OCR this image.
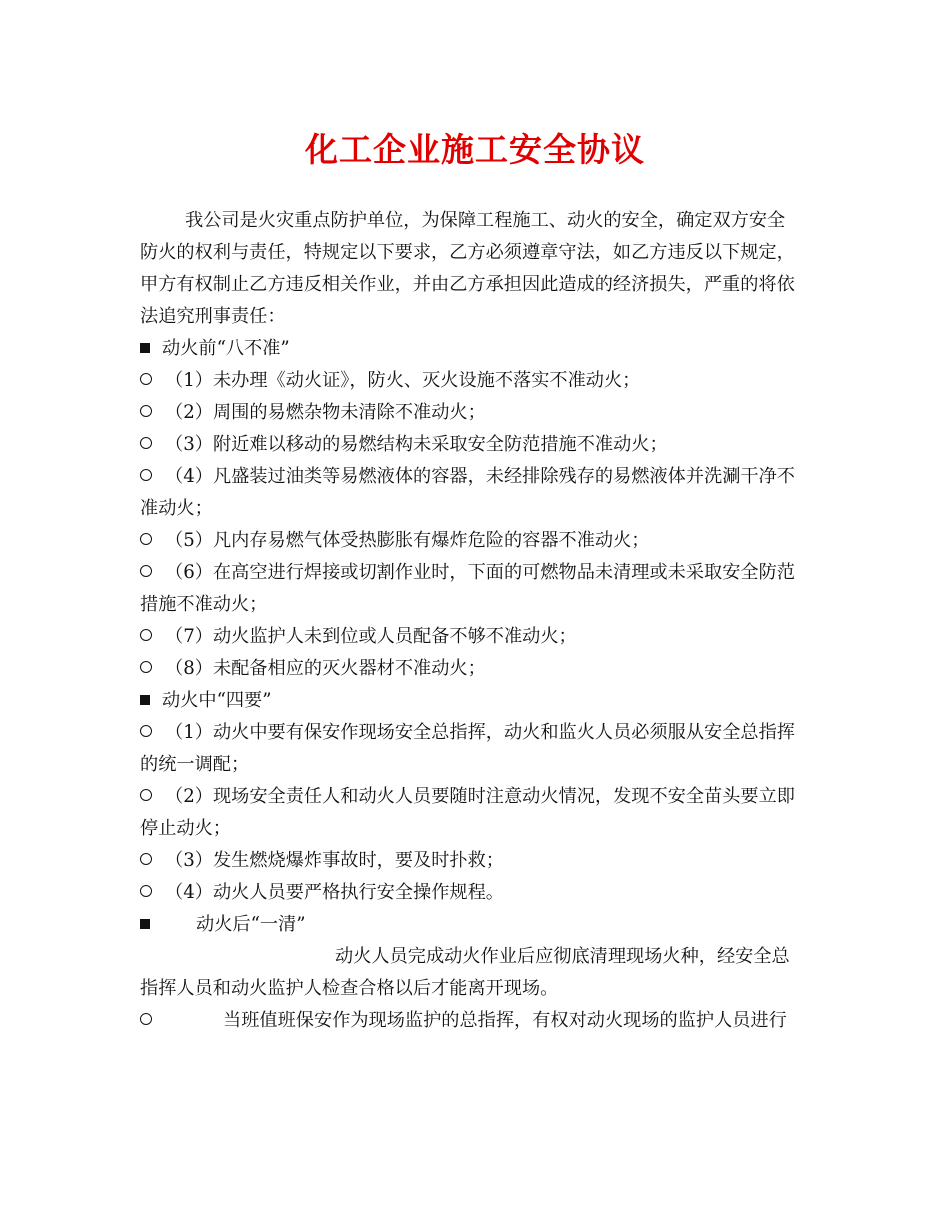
化工企业施工安全协议
我公司是火灾重点防护单位，为保障工程施工、动火的安全，确定双方安全
防火的权利与责任，特规定以下要求，乙方必须遵章守法，如乙方违反以下规定，
甲方有权制止乙方违反相关作业，并由乙方承担因此造成的经济损失，严重的将依
法追究刑事责任：
动火前“八不准”
（1）未办理《动火证》，防火、灭火设施不落实不准动火；
（2）周围的易燃杂物未清除不准动火；
（3）附近难以移动的易燃结构未采取安全防范措施不准动火；
（4）凡盛装过油类等易燃液体的容器，未经排除残存的易燃液体并洗涮干净不
准动火；
（5）凡内存易燃气体受热膨胀有爆炸危险的容器不准动火；
（6）在高空进行焊接或切割作业时，下面的可燃物品未清理或未采取安全防范
措施不准动火；
（7）动火监护人未到位或人员配备不够不准动火；
（8）未配备相应的灭火器材不准动火；
动火中“四要”
（1）动火中要有保安作现场安全总指挥，动火和监火人员必须服从安全总指挥
的统一调配；
（2）现场安全责任人和动火人员要随时注意动火情况，发现不安全苗头要立即
停止动火；
（3）发生燃烧爆炸事故时，要及时扑救；
（4）动火人员要严格执行安全操作规程。
动火后“一清”
动火人员完成动火作业后应彻底清理现场火种，经安全总
指挥人员和动火监护人检查合格以后才能离开现场。
当班值班保安作为现场监护的总指挥，有权对动火现场的监护人员进行
